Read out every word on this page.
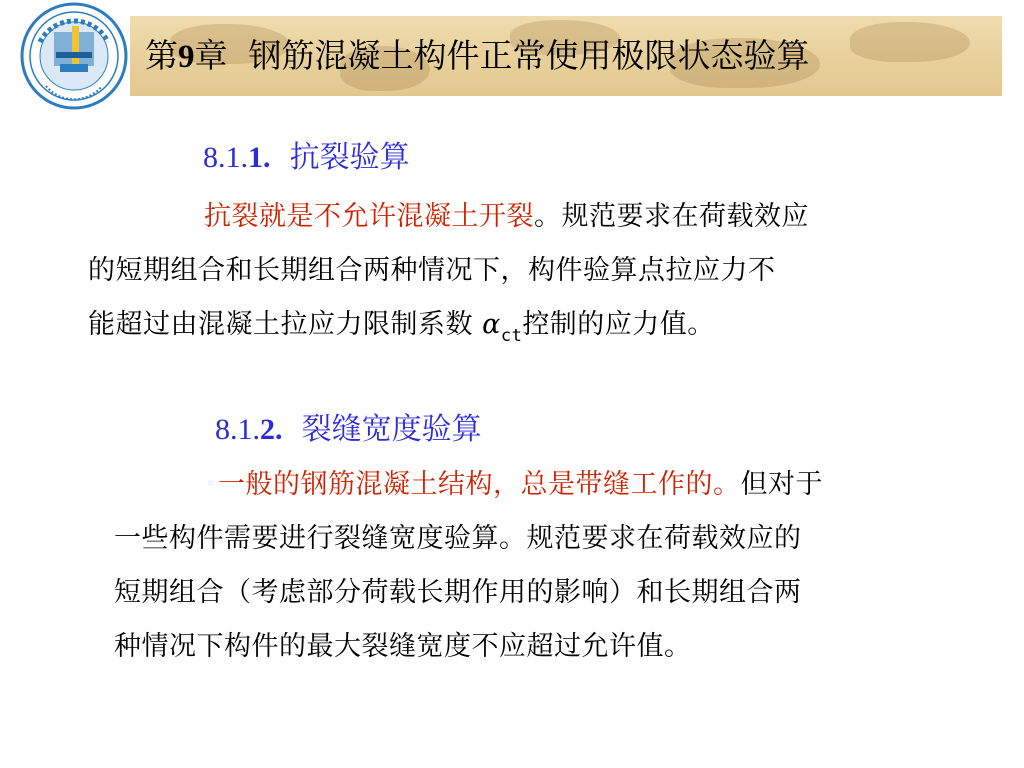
第9章 钢筋混凝土构件正常使用极限状态验算
8.1.1. 抗裂验算
抗裂就是不允许混凝土开裂。规范要求在荷载效应
的短期组合和长期组合两种情况下，构件验算点拉应力不
能超过由混凝土拉应力限制系数 $\alpha_{ct}$控制的应力值。
8.1.2. 裂缝宽度验算
一般的钢筋混凝土结构，总是带缝工作的。但对于
一些构件需要进行裂缝宽度验算。规范要求在荷载效应的
短期组合（考虑部分荷载长期作用的影响）和长期组合两
种情况下构件的最大裂缝宽度不应超过允许值。
